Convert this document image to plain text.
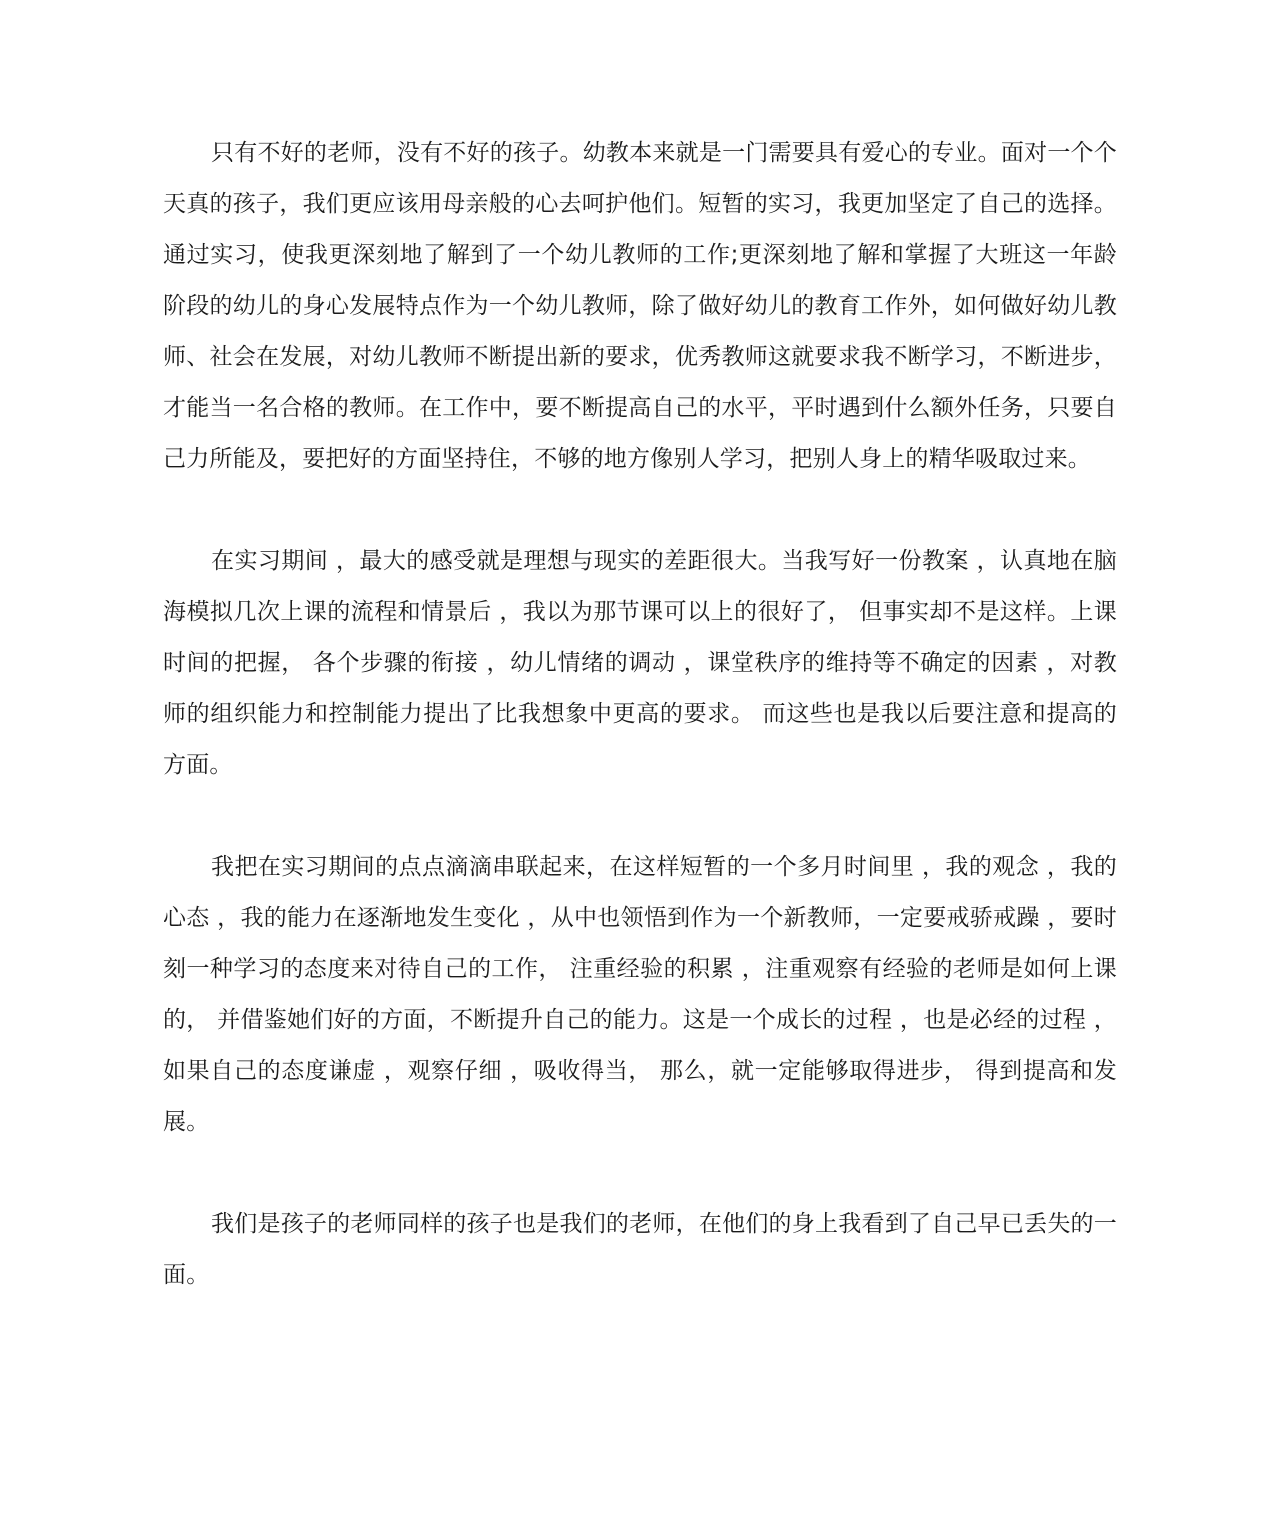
只有不好的老师，没有不好的孩子。幼教本来就是一门需要具有爱心的专业。面对一个个天真的孩子，我们更应该用母亲般的心去呵护他们。短暂的实习，我更加坚定了自己的选择。通过实习，使我更深刻地了解到了一个幼儿教师的工作;更深刻地了解和掌握了大班这一年龄阶段的幼儿的身心发展特点作为一个幼儿教师，除了做好幼儿的教育工作外，如何做好幼儿教师、社会在发展，对幼儿教师不断提出新的要求，优秀教师这就要求我不断学习，不断进步，才能当一名合格的教师。在工作中，要不断提高自己的水平，平时遇到什么额外任务，只要自己力所能及，要把好的方面坚持住，不够的地方像别人学习，把别人身上的精华吸取过来。

在实习期间 ，最大的感受就是理想与现实的差距很大。当我写好一份教案 ，认真地在脑海模拟几次上课的流程和情景后 ，我以为那节课可以上的很好了， 但事实却不是这样。上课时间的把握， 各个步骤的衔接 ，幼儿情绪的调动 ，课堂秩序的维持等不确定的因素 ，对教师的组织能力和控制能力提出了比我想象中更高的要求。 而这些也是我以后要注意和提高的方面。

我把在实习期间的点点滴滴串联起来，在这样短暂的一个多月时间里 ，我的观念 ，我的心态 ，我的能力在逐渐地发生变化 ，从中也领悟到作为一个新教师，一定要戒骄戒躁 ，要时刻一种学习的态度来对待自己的工作， 注重经验的积累 ，注重观察有经验的老师是如何上课的， 并借鉴她们好的方面，不断提升自己的能力。这是一个成长的过程 ，也是必经的过程 ，如果自己的态度谦虚 ，观察仔细 ，吸收得当， 那么，就一定能够取得进步， 得到提高和发展。

我们是孩子的老师同样的孩子也是我们的老师，在他们的身上我看到了自己早已丢失的一面。
